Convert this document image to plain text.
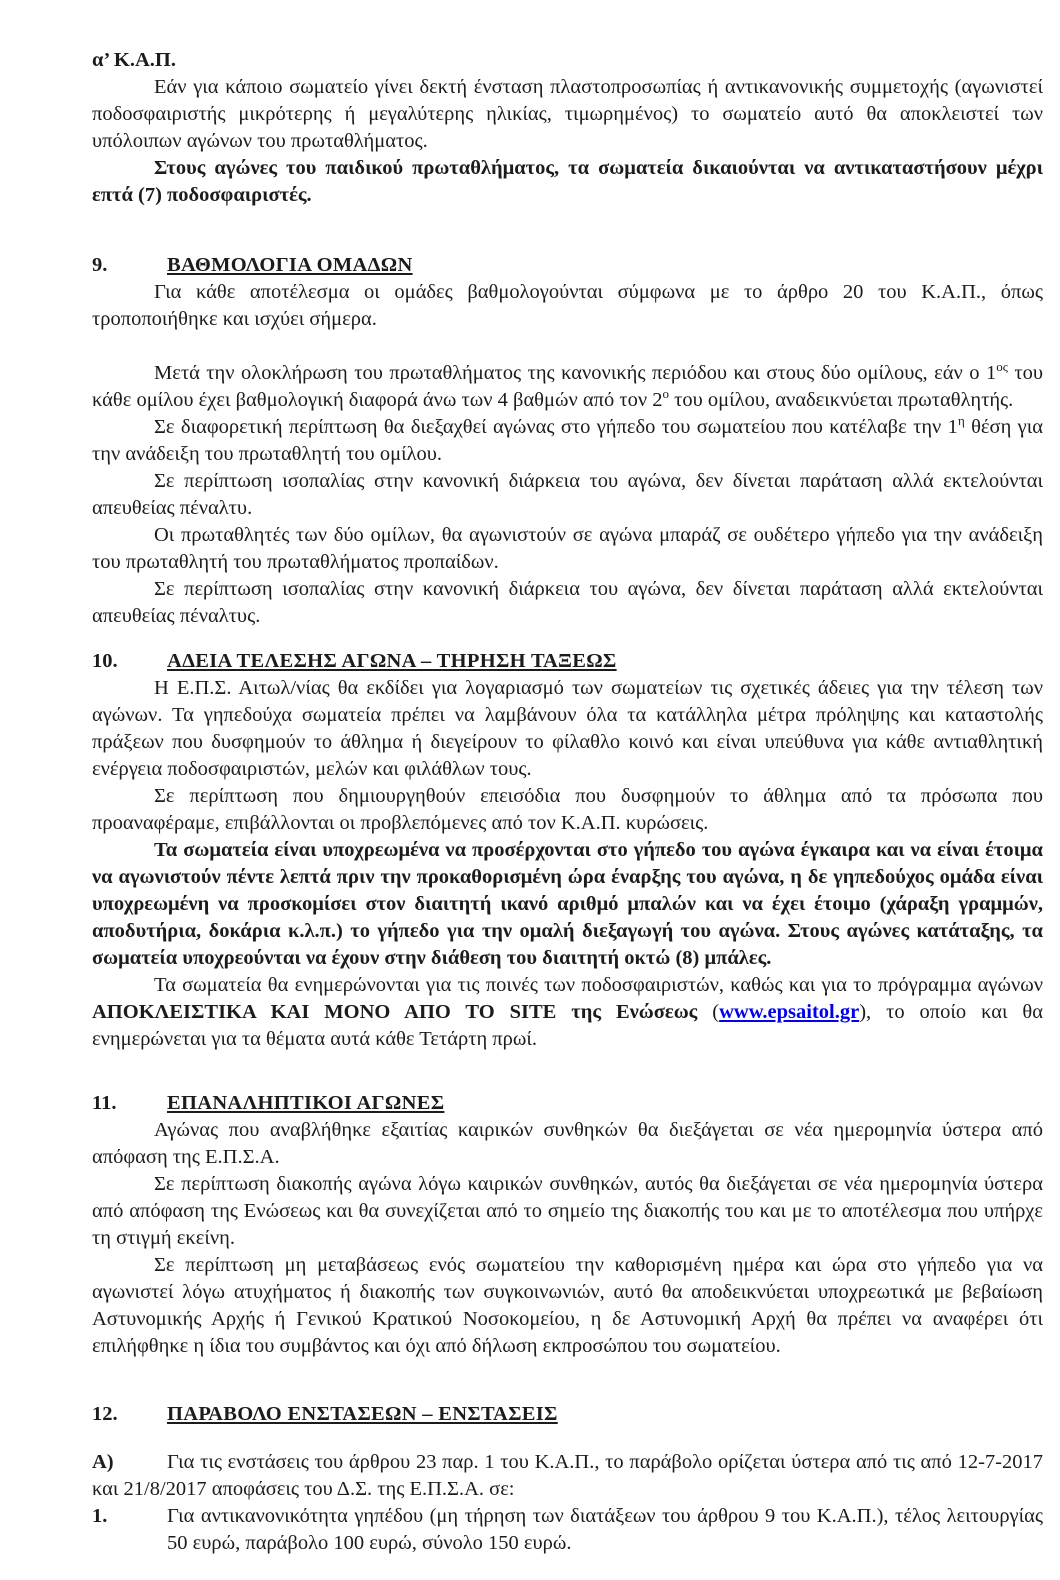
α’ Κ.Α.Π.

Εάν για κάποιο σωματείο γίνει δεκτή ένσταση πλαστοπροσωπίας ή αντικανονικής συμμετοχής (αγωνιστεί ποδοσφαιριστής μικρότερης ή μεγαλύτερης ηλικίας, τιμωρημένος) το σωματείο αυτό θα αποκλειστεί των υπόλοιπων αγώνων του πρωταθλήματος.

Στους αγώνες του παιδικού πρωταθλήματος, τα σωματεία δικαιούνται να αντικαταστήσουν μέχρι επτά (7) ποδοσφαιριστές.

9.	ΒΑΘΜΟΛΟΓΙΑ ΟΜΑΔΩΝ

Για κάθε αποτέλεσμα οι ομάδες βαθμολογούνται σύμφωνα με το άρθρο 20 του Κ.Α.Π., όπως τροποποιήθηκε και ισχύει σήμερα.

Μετά την ολοκλήρωση του πρωταθλήματος της κανονικής περιόδου και στους δύο ομίλους, εάν ο $1^{o\varsigma}$ του κάθε ομίλου έχει βαθμολογική διαφορά άνω των 4 βαθμών από τον $2^o$ του ομίλου, αναδεικνύεται πρωταθλητής.

Σε διαφορετική περίπτωση θα διεξαχθεί αγώνας στο γήπεδο του σωματείου που κατέλαβε την $1^\eta$ θέση για την ανάδειξη του πρωταθλητή του ομίλου.

Σε περίπτωση ισοπαλίας στην κανονική διάρκεια του αγώνα, δεν δίνεται παράταση αλλά εκτελούνται απευθείας πέναλτυ.

Οι πρωταθλητές των δύο ομίλων, θα αγωνιστούν σε αγώνα μπαράζ σε ουδέτερο γήπεδο για την ανάδειξη του πρωταθλητή του πρωταθλήματος προπαίδων.

Σε περίπτωση ισοπαλίας στην κανονική διάρκεια του αγώνα, δεν δίνεται παράταση αλλά εκτελούνται απευθείας πέναλτυς.

10.	ΑΔΕΙΑ ΤΕΛΕΣΗΣ ΑΓΩΝΑ – ΤΗΡΗΣΗ ΤΑΞΕΩΣ

Η Ε.Π.Σ. Αιτωλ/νίας θα εκδίδει για λογαριασμό των σωματείων τις σχετικές άδειες για την τέλεση των αγώνων. Τα γηπεδούχα σωματεία πρέπει να λαμβάνουν όλα τα κατάλληλα μέτρα πρόληψης και καταστολής πράξεων που δυσφημούν το άθλημα ή διεγείρουν το φίλαθλο κοινό και είναι υπεύθυνα για κάθε αντιαθλητική ενέργεια ποδοσφαιριστών, μελών και φιλάθλων τους.

Σε περίπτωση που δημιουργηθούν επεισόδια που δυσφημούν το άθλημα από τα πρόσωπα που προαναφέραμε, επιβάλλονται οι προβλεπόμενες από τον Κ.Α.Π. κυρώσεις.

Τα σωματεία είναι υποχρεωμένα να προσέρχονται στο γήπεδο του αγώνα έγκαιρα και να είναι έτοιμα να αγωνιστούν πέντε λεπτά πριν την προκαθορισμένη ώρα έναρξης του αγώνα, η δε γηπεδούχος ομάδα είναι υποχρεωμένη να προσκομίσει στον διαιτητή ικανό αριθμό μπαλών και να έχει έτοιμο (χάραξη γραμμών, αποδυτήρια, δοκάρια κ.λ.π.) το γήπεδο για την ομαλή διεξαγωγή του αγώνα. Στους αγώνες κατάταξης, τα σωματεία υποχρεούνται να έχουν στην διάθεση του διαιτητή οκτώ (8) μπάλες.

Τα σωματεία θα ενημερώνονται για τις ποινές των ποδοσφαιριστών, καθώς και για το πρόγραμμα αγώνων ΑΠΟΚΛΕΙΣΤΙΚΑ ΚΑΙ ΜΟΝΟ ΑΠΟ ΤΟ SITE της Ενώσεως (www.epsaitol.gr), το οποίο και θα ενημερώνεται για τα θέματα αυτά κάθε Τετάρτη πρωί.

11.	ΕΠΑΝΑΛΗΠΤΙΚΟΙ ΑΓΩΝΕΣ

Αγώνας που αναβλήθηκε εξαιτίας καιρικών συνθηκών θα διεξάγεται σε νέα ημερομηνία ύστερα από απόφαση της Ε.Π.Σ.Α.

Σε περίπτωση διακοπής αγώνα λόγω καιρικών συνθηκών, αυτός θα διεξάγεται σε νέα ημερομηνία ύστερα από απόφαση της Ενώσεως και θα συνεχίζεται από το σημείο της διακοπής του και με το αποτέλεσμα που υπήρχε τη στιγμή εκείνη.

Σε περίπτωση μη μεταβάσεως ενός σωματείου την καθορισμένη ημέρα και ώρα στο γήπεδο για να αγωνιστεί λόγω ατυχήματος ή διακοπής των συγκοινωνιών, αυτό θα αποδεικνύεται υποχρεωτικά με βεβαίωση Αστυνομικής Αρχής ή Γενικού Κρατικού Νοσοκομείου, η δε Αστυνομική Αρχή θα πρέπει να αναφέρει ότι επιλήφθηκε η ίδια του συμβάντος και όχι από δήλωση εκπροσώπου του σωματείου.

12.	ΠΑΡΑΒΟΛΟ ΕΝΣΤΑΣΕΩΝ – ΕΝΣΤΑΣΕΙΣ

Α)	Για τις ενστάσεις του άρθρου 23 παρ. 1 του Κ.Α.Π., το παράβολο ορίζεται ύστερα από τις από 12-7-2017 και 21/8/2017 αποφάσεις του Δ.Σ. της Ε.Π.Σ.Α. σε:

1.	Για αντικανονικότητα γηπέδου (μη τήρηση των διατάξεων του άρθρου 9 του Κ.Α.Π.), τέλος λειτουργίας 50 ευρώ, παράβολο 100 ευρώ, σύνολο 150 ευρώ.
